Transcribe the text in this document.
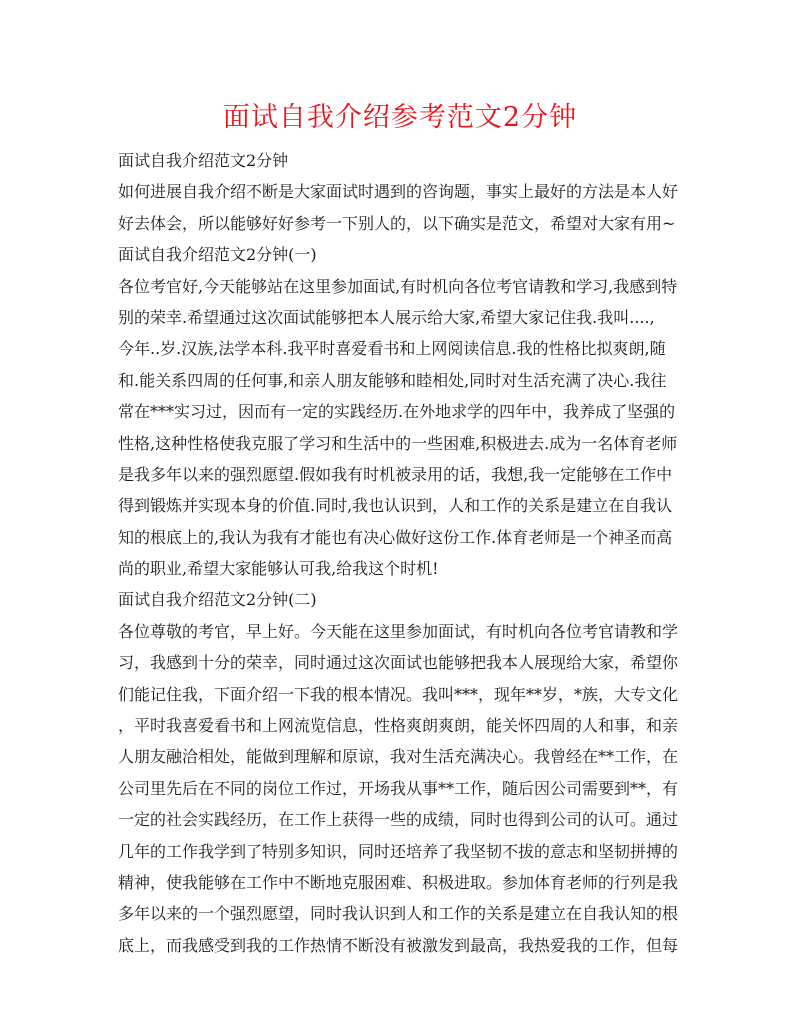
面试自我介绍参考范文2分钟
面试自我介绍范文2分钟
如何进展自我介绍不断是大家面试时遇到的咨询题，事实上最好的方法是本人好
好去体会，所以能够好好参考一下别人的，以下确实是范文，希望对大家有用~
面试自我介绍范文2分钟(一)
各位考官好,今天能够站在这里参加面试,有时机向各位考官请教和学习,我感到特
别的荣幸.希望通过这次面试能够把本人展示给大家,希望大家记住我.我叫....,
今年..岁.汉族,法学本科.我平时喜爱看书和上网阅读信息.我的性格比拟爽朗,随
和.能关系四周的任何事,和亲人朋友能够和睦相处,同时对生活充满了决心.我往
常在***实习过，因而有一定的实践经历.在外地求学的四年中，我养成了坚强的
性格,这种性格使我克服了学习和生活中的一些困难,积极进去.成为一名体育老师
是我多年以来的强烈愿望.假如我有时机被录用的话，我想,我一定能够在工作中
得到锻炼并实现本身的价值.同时,我也认识到，人和工作的关系是建立在自我认
知的根底上的,我认为我有才能也有决心做好这份工作.体育老师是一个神圣而高
尚的职业,希望大家能够认可我,给我这个时机!
面试自我介绍范文2分钟(二)
各位尊敬的考官，早上好。今天能在这里参加面试，有时机向各位考官请教和学
习，我感到十分的荣幸，同时通过这次面试也能够把我本人展现给大家，希望你
们能记住我，下面介绍一下我的根本情况。我叫***，现年**岁，*族，大专文化
，平时我喜爱看书和上网流览信息，性格爽朗爽朗，能关怀四周的人和事，和亲
人朋友融洽相处，能做到理解和原谅，我对生活充满决心。我曾经在**工作，在
公司里先后在不同的岗位工作过，开场我从事**工作，随后因公司需要到**，有
一定的社会实践经历，在工作上获得一些的成绩，同时也得到公司的认可。通过
几年的工作我学到了特别多知识，同时还培养了我坚韧不拔的意志和坚韧拼搏的
精神，使我能够在工作中不断地克服困难、积极进取。参加体育老师的行列是我
多年以来的一个强烈愿望，同时我认识到人和工作的关系是建立在自我认知的根
底上，而我感受到我的工作热情不断没有被激发到最高，我热爱我的工作，但每
